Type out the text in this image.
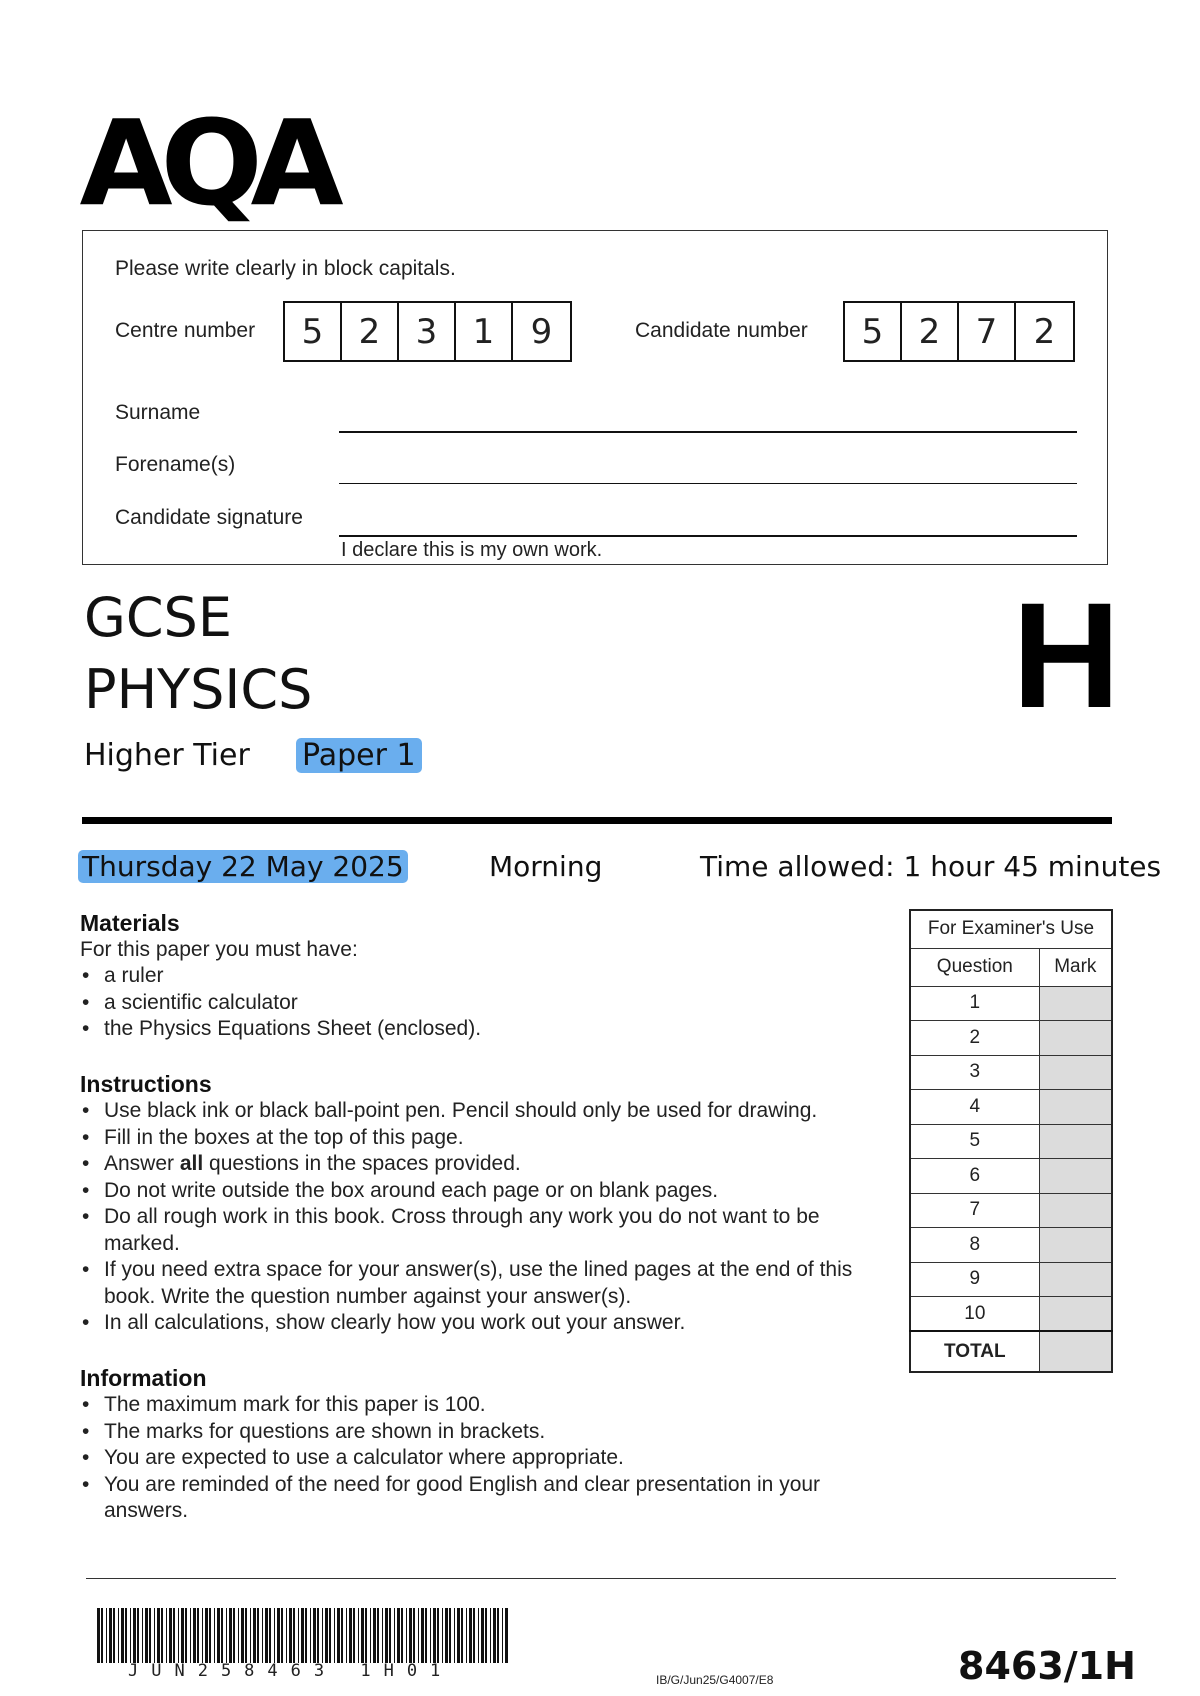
AQA
Please write clearly in block capitals.
Centre number	5	2	3	1	9	Candidate number	5	2	7	2
Surname
Forename(s)
Candidate signature
I declare this is my own work.
GCSE
PHYSICS
Higher Tier Paper 1
H
Thursday 22 May 2025	Morning	Time allowed: 1 hour 45 minutes
Materials
For this paper you must have:
• a ruler
• a scientific calculator
• the Physics Equations Sheet (enclosed).
Instructions
• Use black ink or black ball-point pen. Pencil should only be used for drawing.
• Fill in the boxes at the top of this page.
• Answer all questions in the spaces provided.
• Do not write outside the box around each page or on blank pages.
• Do all rough work in this book. Cross through any work you do not want to be marked.
• If you need extra space for your answer(s), use the lined pages at the end of this book. Write the question number against your answer(s).
• In all calculations, show clearly how you work out your answer.
Information
• The maximum mark for this paper is 100.
• The marks for questions are shown in brackets.
• You are expected to use a calculator where appropriate.
• You are reminded of the need for good English and clear presentation in your answers.
For Examiner's Use	
Question	Mark
1	
2	
3	
4	
5	
6	
7	
8	
9	
10	
TOTAL	
JUN258463 1H01	IB/G/Jun25/G4007/E8	8463/1H
